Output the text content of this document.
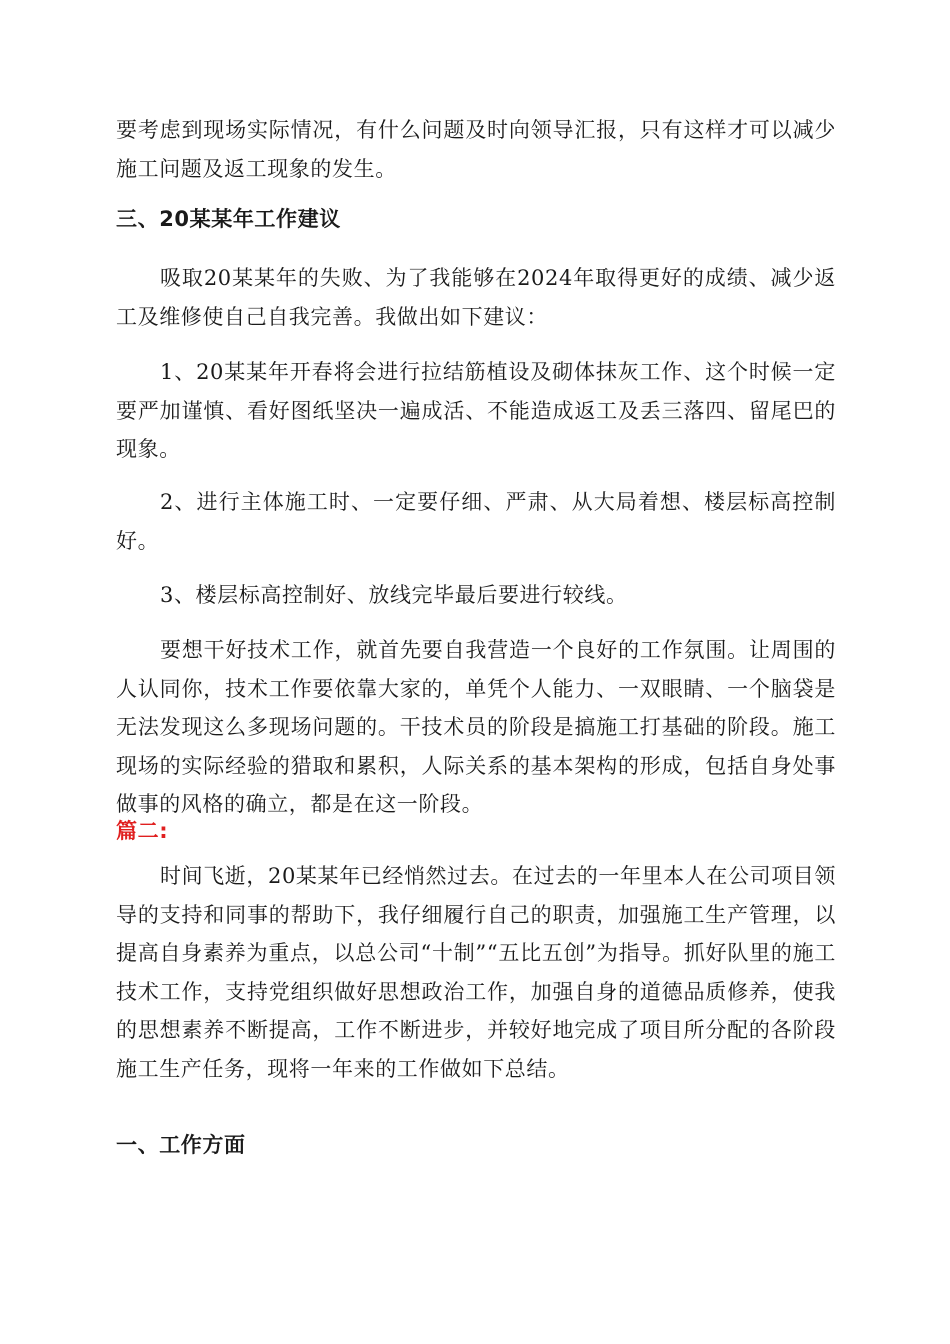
要考虑到现场实际情况，有什么问题及时向领导汇报，只有这样才可以减少施工问题及返工现象的发生。

三、20某某年工作建议

吸取20某某年的失败、为了我能够在2024年取得更好的成绩、减少返工及维修使自己自我完善。我做出如下建议：

1、20某某年开春将会进行拉结筋植设及砌体抹灰工作、这个时候一定要严加谨慎、看好图纸坚决一遍成活、不能造成返工及丢三落四、留尾巴的现象。

2、进行主体施工时、一定要仔细、严肃、从大局着想、楼层标高控制好。

3、楼层标高控制好、放线完毕最后要进行较线。

要想干好技术工作，就首先要自我营造一个良好的工作氛围。让周围的人认同你，技术工作要依靠大家的，单凭个人能力、一双眼睛、一个脑袋是无法发现这么多现场问题的。干技术员的阶段是搞施工打基础的阶段。施工现场的实际经验的猎取和累积，人际关系的基本架构的形成，包括自身处事做事的风格的确立，都是在这一阶段。

篇二:

时间飞逝，20某某年已经悄然过去。在过去的一年里本人在公司项目领导的支持和同事的帮助下，我仔细履行自己的职责，加强施工生产管理，以提高自身素养为重点，以总公司“十制”“五比五创”为指导。抓好队里的施工技术工作，支持党组织做好思想政治工作，加强自身的道德品质修养，使我的思想素养不断提高，工作不断进步，并较好地完成了项目所分配的各阶段施工生产任务，现将一年来的工作做如下总结。

一、工作方面
